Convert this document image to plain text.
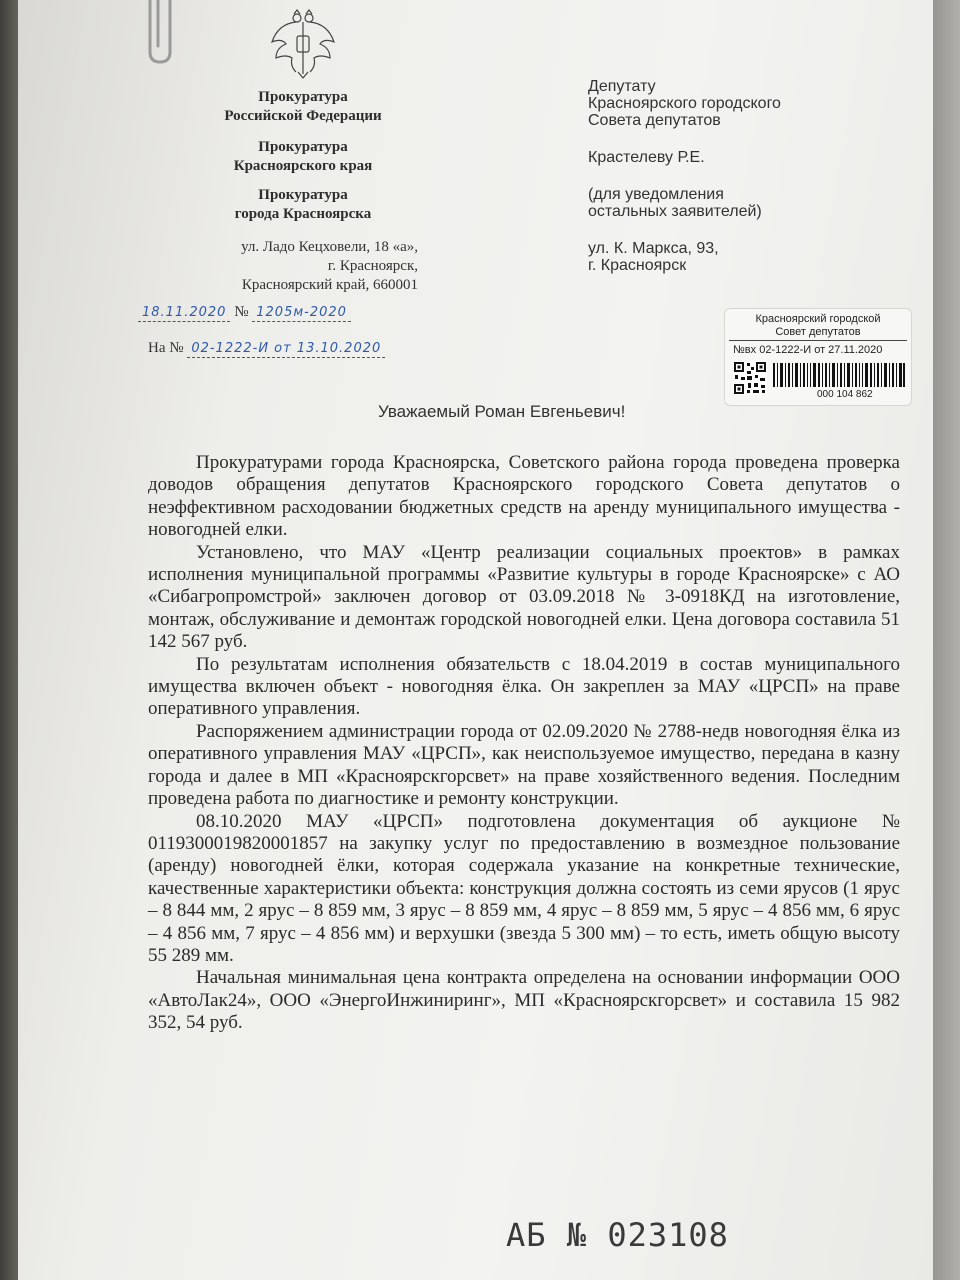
Прокуратура
Российской Федерации
Прокуратура
Красноярского края
Прокуратура
города Красноярска
ул. Ладо Кецховели, 18 «а»,
г. Красноярск,
Красноярский край, 660001
18.11.2020 № 1205м-2020
На № 02-1222-И от 13.10.2020
Депутату
Красноярского городского
Совета депутатов
Крастелеву Р.Е.
(для уведомления
остальных заявителей)
ул. К. Маркса, 93,
г. Красноярск
Красноярский городской
Совет депутатов
№вх 02-1222-И от 27.11.2020
000 104 862
Уважаемый Роман Евгеньевич!

Прокуратурами города Красноярска, Советского района города проведена проверка доводов обращения депутатов Красноярского городского Совета депутатов о неэффективном расходовании бюджетных средств на аренду муниципального имущества - новогодней елки.

Установлено, что МАУ «Центр реализации социальных проектов» в рамках исполнения муниципальной программы «Развитие культуры в городе Красноярске» с АО «Сибагропромстрой» заключен договор от 03.09.2018 № 3-0918КД на изготовление, монтаж, обслуживание и демонтаж городской новогодней елки. Цена договора составила 51 142 567 руб.

По результатам исполнения обязательств с 18.04.2019 в состав муниципального имущества включен объект - новогодняя ёлка. Он закреплен за МАУ «ЦРСП» на праве оперативного управления.

Распоряжением администрации города от 02.09.2020 № 2788-недв новогодняя ёлка из оперативного управления МАУ «ЦРСП», как неиспользуемое имущество, передана в казну города и далее в МП «Красноярскгорсвет» на праве хозяйственного ведения. Последним проведена работа по диагностике и ремонту конструкции.

08.10.2020 МАУ «ЦРСП» подготовлена документация об аукционе № 0119300019820001857 на закупку услуг по предоставлению в возмездное пользование (аренду) новогодней ёлки, которая содержала указание на конкретные технические, качественные характеристики объекта: конструкция должна состоять из семи ярусов (1 ярус – 8 844 мм, 2 ярус – 8 859 мм, 3 ярус – 8 859 мм, 4 ярус – 8 859 мм, 5 ярус – 4 856 мм, 6 ярус – 4 856 мм, 7 ярус – 4 856 мм) и верхушки (звезда 5 300 мм) – то есть, иметь общую высоту 55 289 мм.

Начальная минимальная цена контракта определена на основании информации ООО «АвтоЛак24», ООО «ЭнергоИнжиниринг», МП «Красноярскгорсвет» и составила 15 982 352, 54 руб.

АБ № 023108
